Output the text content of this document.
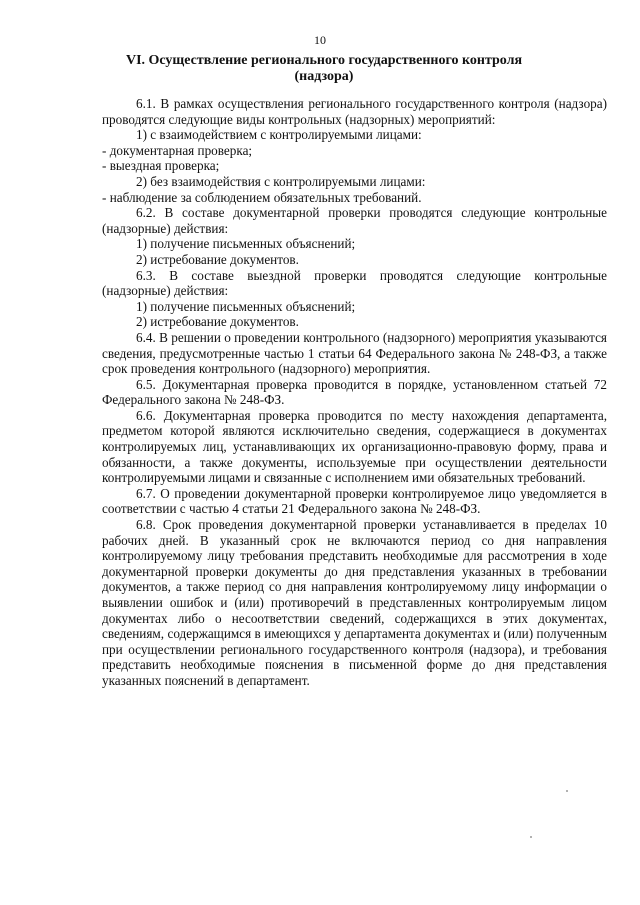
10
VI. Осуществление регионального государственного контроля (надзора)

6.1. В рамках осуществления регионального государственного контроля (надзора) проводятся следующие виды контрольных (надзорных) мероприятий:

1) с взаимодействием с контролируемыми лицами:

- документарная проверка;

- выездная проверка;

2) без взаимодействия с контролируемыми лицами:

- наблюдение за соблюдением обязательных требований.

6.2. В составе документарной проверки проводятся следующие контрольные (надзорные) действия:

1) получение письменных объяснений;

2) истребование документов.

6.3. В составе выездной проверки проводятся следующие контрольные (надзорные) действия:

1) получение письменных объяснений;

2) истребование документов.

6.4. В решении о проведении контрольного (надзорного) мероприятия указываются сведения, предусмотренные частью 1 статьи 64 Федерального закона № 248-ФЗ, а также срок проведения контрольного (надзорного) мероприятия.

6.5. Документарная проверка проводится в порядке, установленном статьей 72 Федерального закона № 248-ФЗ.

6.6. Документарная проверка проводится по месту нахождения департамента, предметом которой являются исключительно сведения, содержащиеся в документах контролируемых лиц, устанавливающих их организационно-правовую форму, права и обязанности, а также документы, используемые при осуществлении деятельности контролируемыми лицами и связанные с исполнением ими обязательных требований.

6.7. О проведении документарной проверки контролируемое лицо уведомляется в соответствии с частью 4 статьи 21 Федерального закона № 248-ФЗ.

6.8. Срок проведения документарной проверки устанавливается в пределах 10 рабочих дней. В указанный срок не включаются период со дня направления контролируемому лицу требования представить необходимые для рассмотрения в ходе документарной проверки документы до дня представления указанных в требовании документов, а также период со дня направления контролируемому лицу информации о выявлении ошибок и (или) противоречий в представленных контролируемым лицом документах либо о несоответствии сведений, содержащихся в этих документах, сведениям, содержащимся в имеющихся у департамента документах и (или) полученным при осуществлении регионального государственного контроля (надзора), и требования представить необходимые пояснения в письменной форме до дня представления указанных пояснений в департамент.
